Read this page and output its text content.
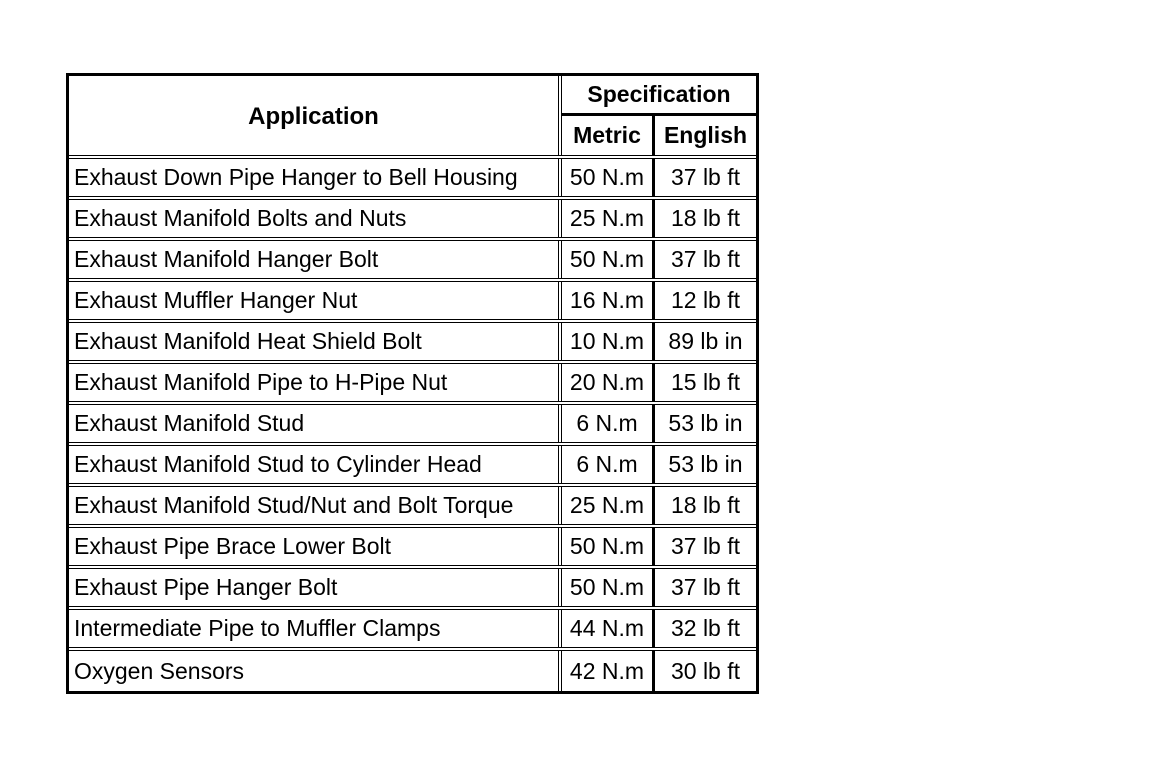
Application
Specification
Metric	English
Exhaust Down Pipe Hanger to Bell Housing	50 N.m	37 lb ft
Exhaust Manifold Bolts and Nuts	25 N.m	18 lb ft
Exhaust Manifold Hanger Bolt	50 N.m	37 lb ft
Exhaust Muffler Hanger Nut	16 N.m	12 lb ft
Exhaust Manifold Heat Shield Bolt	10 N.m	89 lb in
Exhaust Manifold Pipe to H-Pipe Nut	20 N.m	15 lb ft
Exhaust Manifold Stud	6 N.m	53 lb in
Exhaust Manifold Stud to Cylinder Head	6 N.m	53 lb in
Exhaust Manifold Stud/Nut and Bolt Torque	25 N.m	18 lb ft
Exhaust Pipe Brace Lower Bolt	50 N.m	37 lb ft
Exhaust Pipe Hanger Bolt	50 N.m	37 lb ft
Intermediate Pipe to Muffler Clamps	44 N.m	32 lb ft
Oxygen Sensors	42 N.m	30 lb ft
